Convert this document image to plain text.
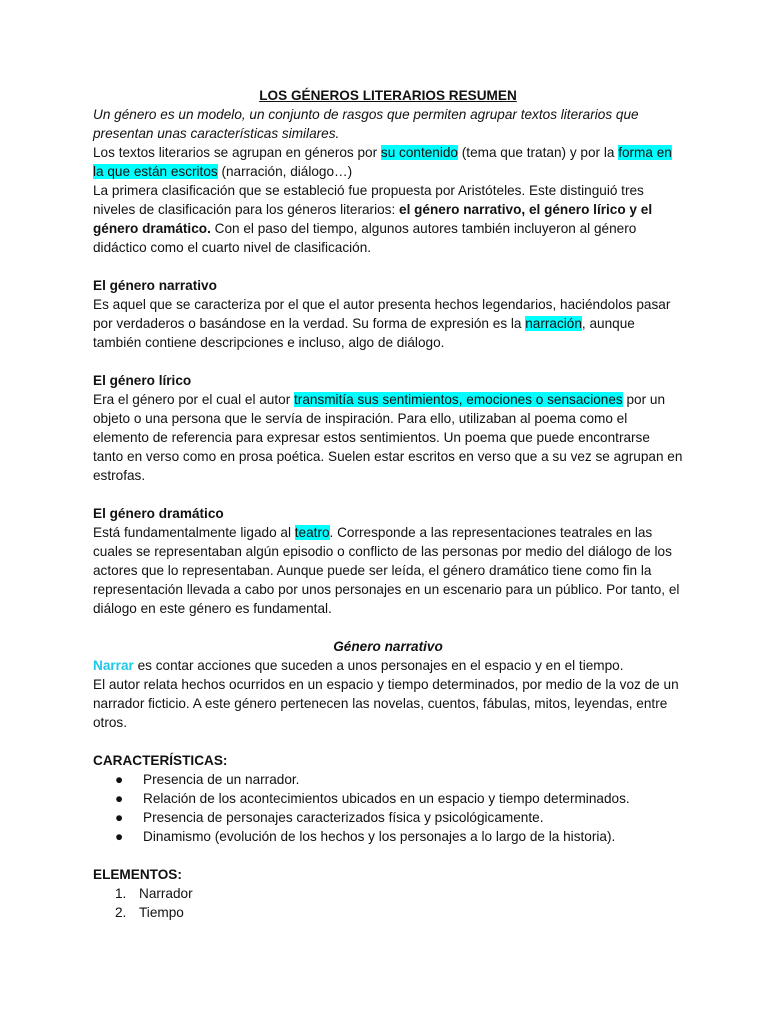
LOS GÉNEROS LITERARIOS RESUMEN

Un género es un modelo, un conjunto de rasgos que permiten agrupar textos literarios que presentan unas características similares.

Los textos literarios se agrupan en géneros por su contenido (tema que tratan) y por la forma en la que están escritos (narración, diálogo…)

La primera clasificación que se estableció fue propuesta por Aristóteles. Este distinguió tres niveles de clasificación para los géneros literarios: el género narrativo, el género lírico y el género dramático. Con el paso del tiempo, algunos autores también incluyeron al género didáctico como el cuarto nivel de clasificación.

El género narrativo

Es aquel que se caracteriza por el que el autor presenta hechos legendarios, haciéndolos pasar por verdaderos o basándose en la verdad. Su forma de expresión es la narración, aunque también contiene descripciones e incluso, algo de diálogo.

El género lírico

Era el género por el cual el autor transmitía sus sentimientos, emociones o sensaciones por un objeto o una persona que le servía de inspiración. Para ello, utilizaban al poema como el elemento de referencia para expresar estos sentimientos. Un poema que puede encontrarse tanto en verso como en prosa poética. Suelen estar escritos en verso que a su vez se agrupan en estrofas.

El género dramático

Está fundamentalmente ligado al teatro. Corresponde a las representaciones teatrales en las cuales se representaban algún episodio o conflicto de las personas por medio del diálogo de los actores que lo representaban. Aunque puede ser leída, el género dramático tiene como fin la representación llevada a cabo por unos personajes en un escenario para un público. Por tanto, el diálogo en este género es fundamental.

Género narrativo

Narrar es contar acciones que suceden a unos personajes en el espacio y en el tiempo.

El autor relata hechos ocurridos en un espacio y tiempo determinados, por medio de la voz de un narrador ficticio. A este género pertenecen las novelas, cuentos, fábulas, mitos, leyendas, entre otros.

CARACTERÍSTICAS:

● Presencia de un narrador.
● Relación de los acontecimientos ubicados en un espacio y tiempo determinados.
● Presencia de personajes caracterizados física y psicológicamente.
● Dinamismo (evolución de los hechos y los personajes a lo largo de la historia).

ELEMENTOS:

1. Narrador
2. Tiempo
